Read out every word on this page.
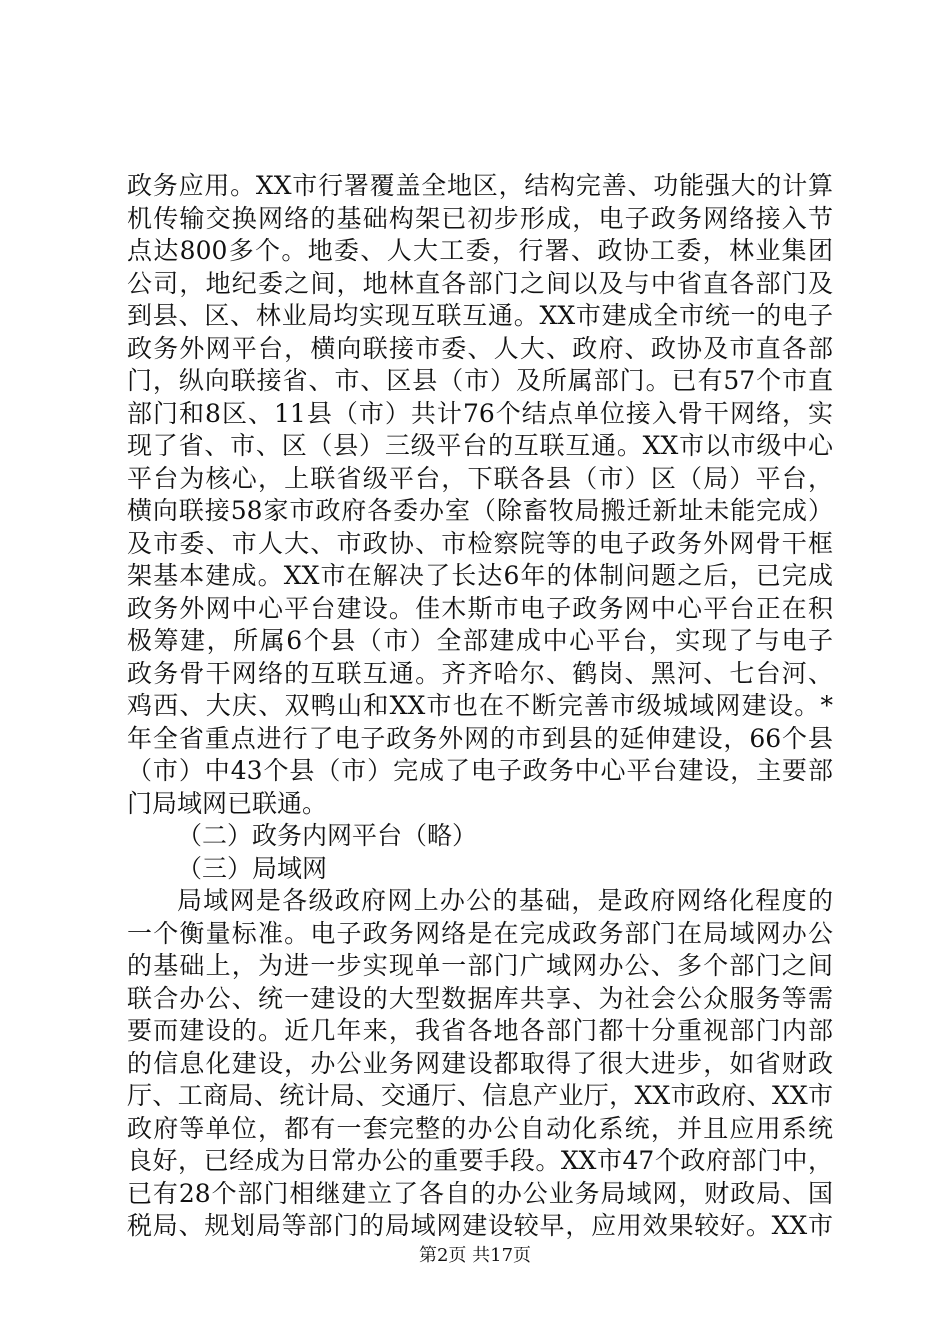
政务应用。XX市行署覆盖全地区，结构完善、功能强大的计算
机传输交换网络的基础构架已初步形成，电子政务网络接入节
点达800多个。地委、人大工委，行署、政协工委，林业集团
公司，地纪委之间，地林直各部门之间以及与中省直各部门及
到县、区、林业局均实现互联互通。XX市建成全市统一的电子
政务外网平台，横向联接市委、人大、政府、政协及市直各部
门，纵向联接省、市、区县（市）及所属部门。已有57个市直
部门和8区、11县（市）共计76个结点单位接入骨干网络，实
现了省、市、区（县）三级平台的互联互通。XX市以市级中心
平台为核心，上联省级平台，下联各县（市）区（局）平台，
横向联接58家市政府各委办室（除畜牧局搬迁新址未能完成）
及市委、市人大、市政协、市检察院等的电子政务外网骨干框
架基本建成。XX市在解决了长达6年的体制问题之后，已完成
政务外网中心平台建设。佳木斯市电子政务网中心平台正在积
极筹建，所属6个县（市）全部建成中心平台，实现了与电子
政务骨干网络的互联互通。齐齐哈尔、鹤岗、黑河、七台河、
鸡西、大庆、双鸭山和XX市也在不断完善市级城域网建设。*
年全省重点进行了电子政务外网的市到县的延伸建设，66个县
（市）中43个县（市）完成了电子政务中心平台建设，主要部
门局域网已联通。
（二）政务内网平台（略）
（三）局域网
局域网是各级政府网上办公的基础，是政府网络化程度的
一个衡量标准。电子政务网络是在完成政务部门在局域网办公
的基础上，为进一步实现单一部门广域网办公、多个部门之间
联合办公、统一建设的大型数据库共享、为社会公众服务等需
要而建设的。近几年来，我省各地各部门都十分重视部门内部
的信息化建设，办公业务网建设都取得了很大进步，如省财政
厅、工商局、统计局、交通厅、信息产业厅，XX市政府、XX市
政府等单位，都有一套完整的办公自动化系统，并且应用系统
良好，已经成为日常办公的重要手段。XX市47个政府部门中，
已有28个部门相继建立了各自的办公业务局域网，财政局、国
税局、规划局等部门的局域网建设较早，应用效果较好。XX市
第2页 共17页
